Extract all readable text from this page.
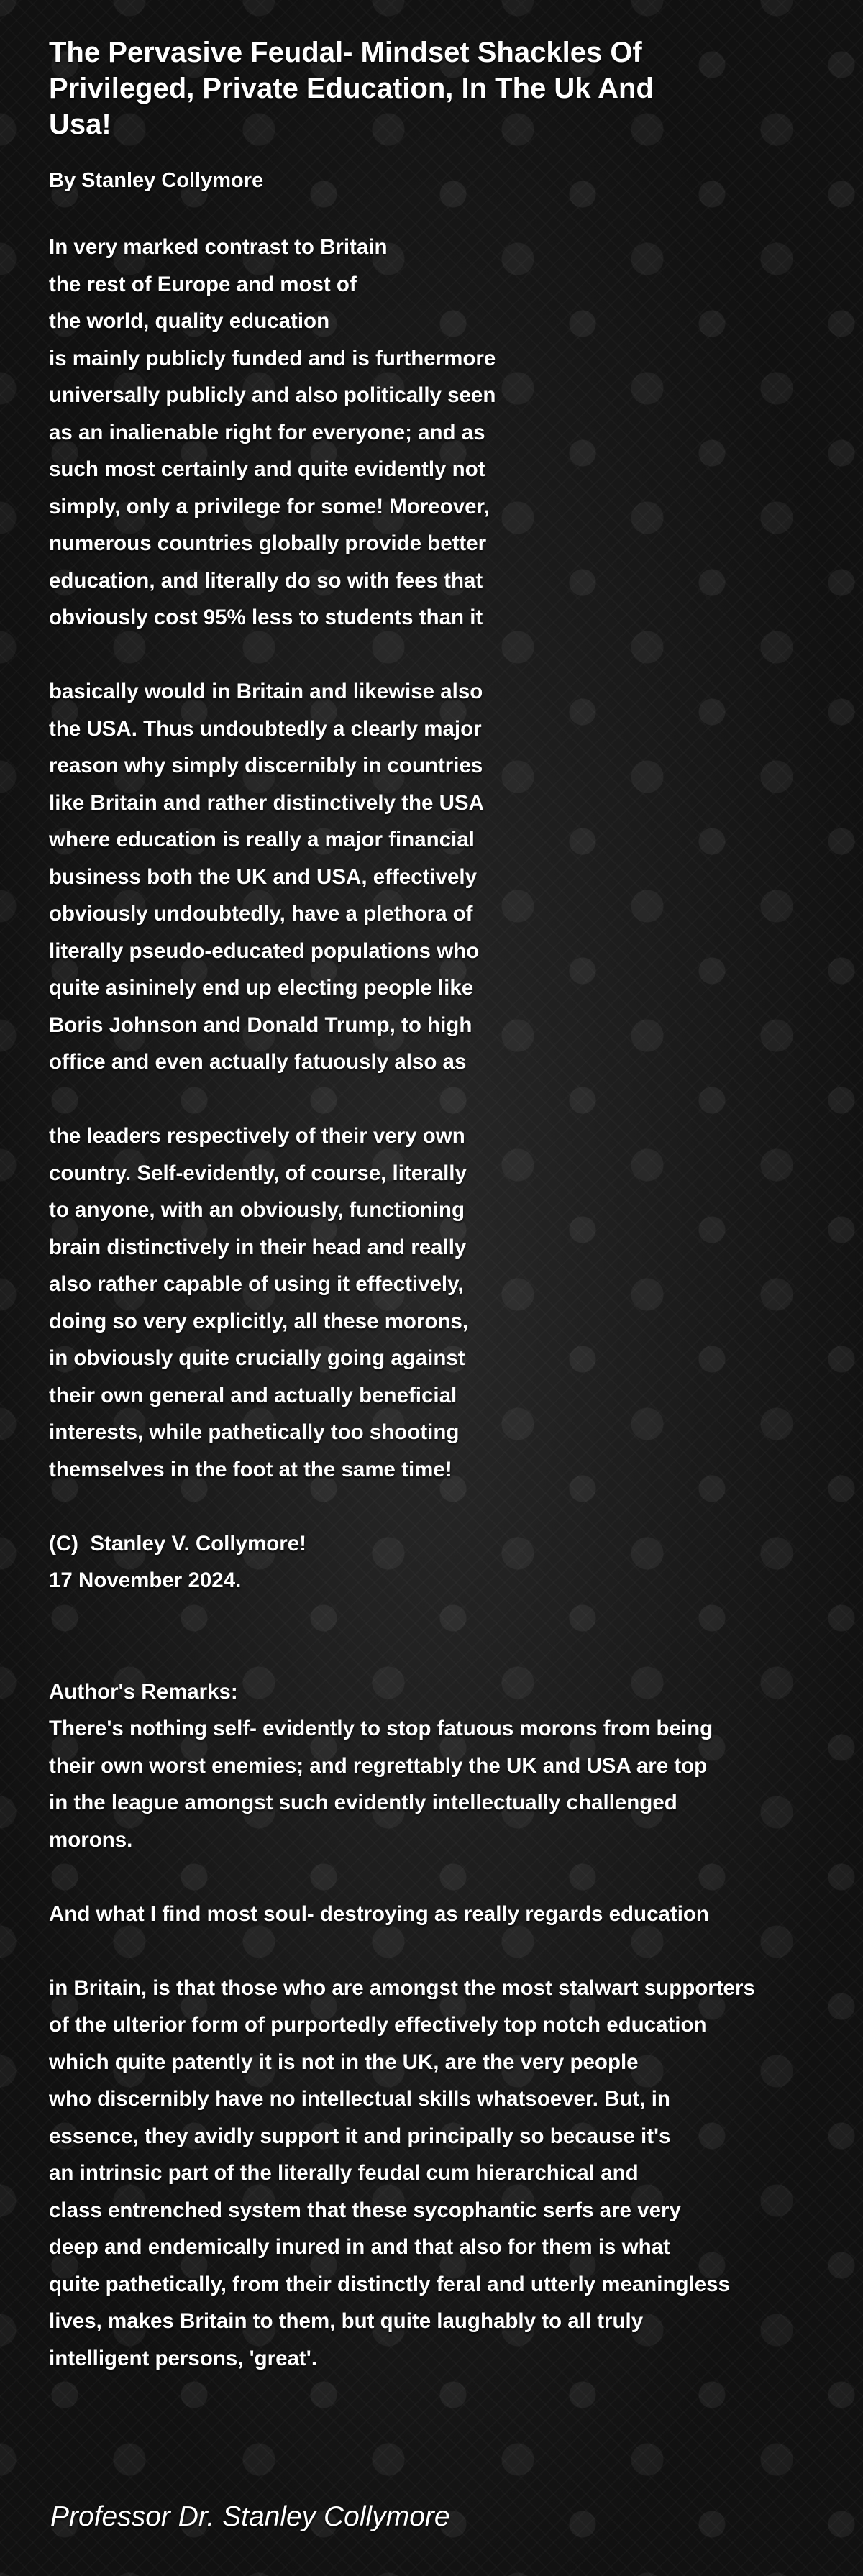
The Pervasive Feudal- Mindset Shackles Of
Privileged, Private Education, In The Uk And
Usa!
By Stanley Collymore
In very marked contrast to Britain
the rest of Europe and most of
the world, quality education
is mainly publicly funded and is furthermore
universally publicly and also politically seen
as an inalienable right for everyone; and as
such most certainly and quite evidently not
simply, only a privilege for some! Moreover,
numerous countries globally provide better
education, and literally do so with fees that
obviously cost 95% less to students than it

basically would in Britain and likewise also
the USA. Thus undoubtedly a clearly major
reason why simply discernibly in countries
like Britain and rather distinctively the USA
where education is really a major financial
business both the UK and USA, effectively
obviously undoubtedly, have a plethora of
literally pseudo-educated populations who
quite asininely end up electing people like
Boris Johnson and Donald Trump, to high
office and even actually fatuously also as

the leaders respectively of their very own
country. Self-evidently, of course, literally
to anyone, with an obviously, functioning
brain distinctively in their head and really
also rather capable of using it effectively,
doing so very explicitly, all these morons,
in obviously quite crucially going against
their own general and actually beneficial
interests, while pathetically too shooting
themselves in the foot at the same time!

(C)  Stanley V. Collymore!
17 November 2024.

Author's Remarks:
There's nothing self- evidently to stop fatuous morons from being
their own worst enemies; and regrettably the UK and USA are top
in the league amongst such evidently intellectually challenged
morons.

And what I find most soul- destroying as really regards education

in Britain, is that those who are amongst the most stalwart supporters
of the ulterior form of purportedly effectively top notch education
which quite patently it is not in the UK, are the very people
who discernibly have no intellectual skills whatsoever. But, in
essence, they avidly support it and principally so because it's
an intrinsic part of the literally feudal cum hierarchical and
class entrenched system that these sycophantic serfs are very
deep and endemically inured in and that also for them is what
quite pathetically, from their distinctly feral and utterly meaningless
lives, makes Britain to them, but quite laughably to all truly
intelligent persons, 'great'.
Professor Dr. Stanley Collymore
